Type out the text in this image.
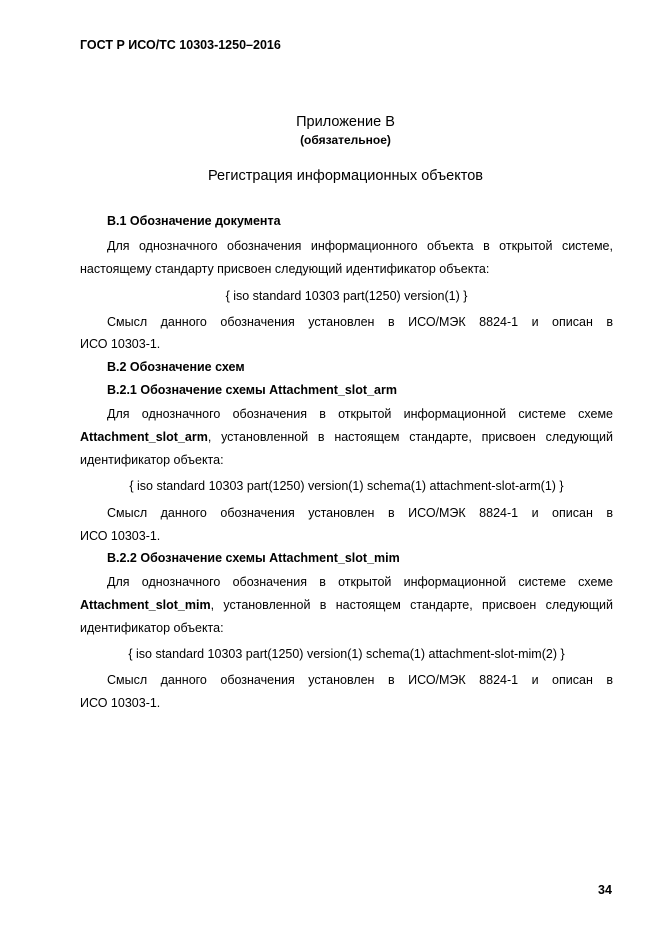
ГОСТ Р ИСО/ТС 10303-1250–2016
Приложение В
(обязательное)
Регистрация информационных объектов
В.1 Обозначение документа
Для однозначного обозначения информационного объекта в открытой системе,
настоящему стандарту присвоен следующий идентификатор объекта:
{ iso standard 10303 part(1250) version(1) }
Смысл данного обозначения установлен в ИСО/МЭК 8824-1 и описан в
ИСО 10303-1.
В.2 Обозначение схем
В.2.1 Обозначение схемы Attachment_slot_arm
Для однозначного обозначения в открытой информационной системе схеме
Attachment_slot_arm, установленной в настоящем стандарте, присвоен следующий
идентификатор объекта:
{ iso standard 10303 part(1250) version(1) schema(1) attachment-slot-arm(1) }
Смысл данного обозначения установлен в ИСО/МЭК 8824-1 и описан в
ИСО 10303-1.
В.2.2 Обозначение схемы Attachment_slot_mim
Для однозначного обозначения в открытой информационной системе схеме
Attachment_slot_mim, установленной в настоящем стандарте, присвоен следующий
идентификатор объекта:
{ iso standard 10303 part(1250) version(1) schema(1) attachment-slot-mim(2) }
Смысл данного обозначения установлен в ИСО/МЭК 8824-1 и описан в
ИСО 10303-1.
34
